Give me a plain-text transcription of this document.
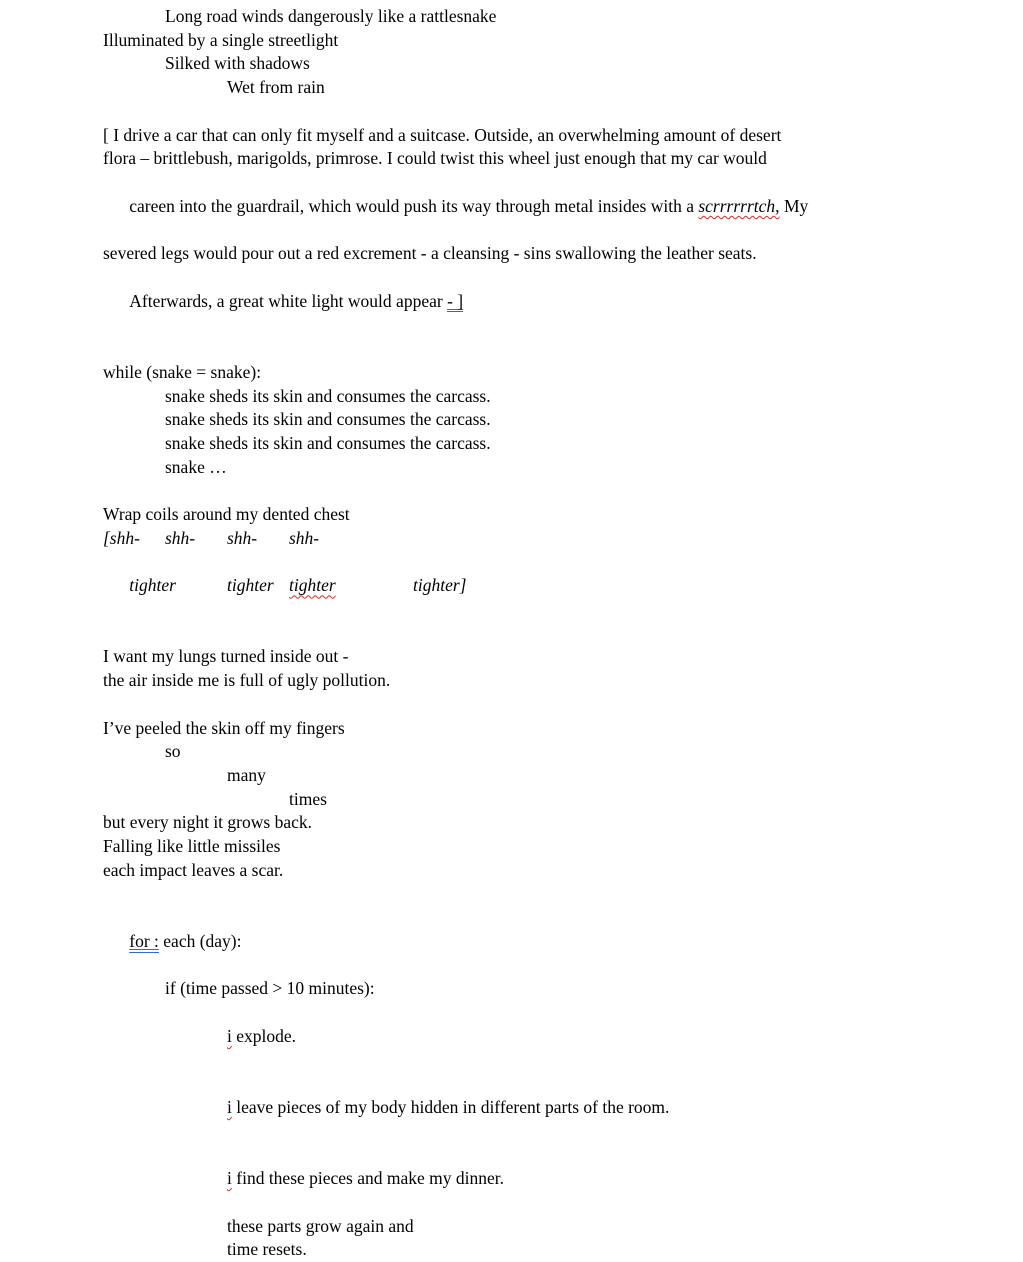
	Long road winds dangerously like a rattlesnake
Illuminated by a single streetlight
	Silked with shadows
		Wet from rain
[ I drive a car that can only fit myself and a suitcase. Outside, an overwhelming amount of desert
flora – brittlebush, marigolds, primrose. I could twist this wheel just enough that my car would

careen into the guardrail, which would push its way through metal insides with a scrrrrrrtch, My

severed legs would pour out a red excrement - a cleansing - sins swallowing the leather seats.

Afterwards, a great white light would appear - ]

while (snake = snake):
	snake sheds its skin and consumes the carcass.
	snake sheds its skin and consumes the carcass.
	snake sheds its skin and consumes the carcass.
	snake …
Wrap coils around my dented chest
[shh-	shh-	shh-	shh-

tighter	tighter	tighter		tighter]

I want my lungs turned inside out -
the air inside me is full of ugly pollution.
I’ve peeled the skin off my fingers
	so
		many
			times
but every night it grows back.
Falling like little missiles
each impact leaves a scar.

for : each (day):

	if (time passed > 10 minutes):

		i explode.

		i leave pieces of my body hidden in different parts of the room.

		i find these pieces and make my dinner.

		these parts grow again and
		time resets.
